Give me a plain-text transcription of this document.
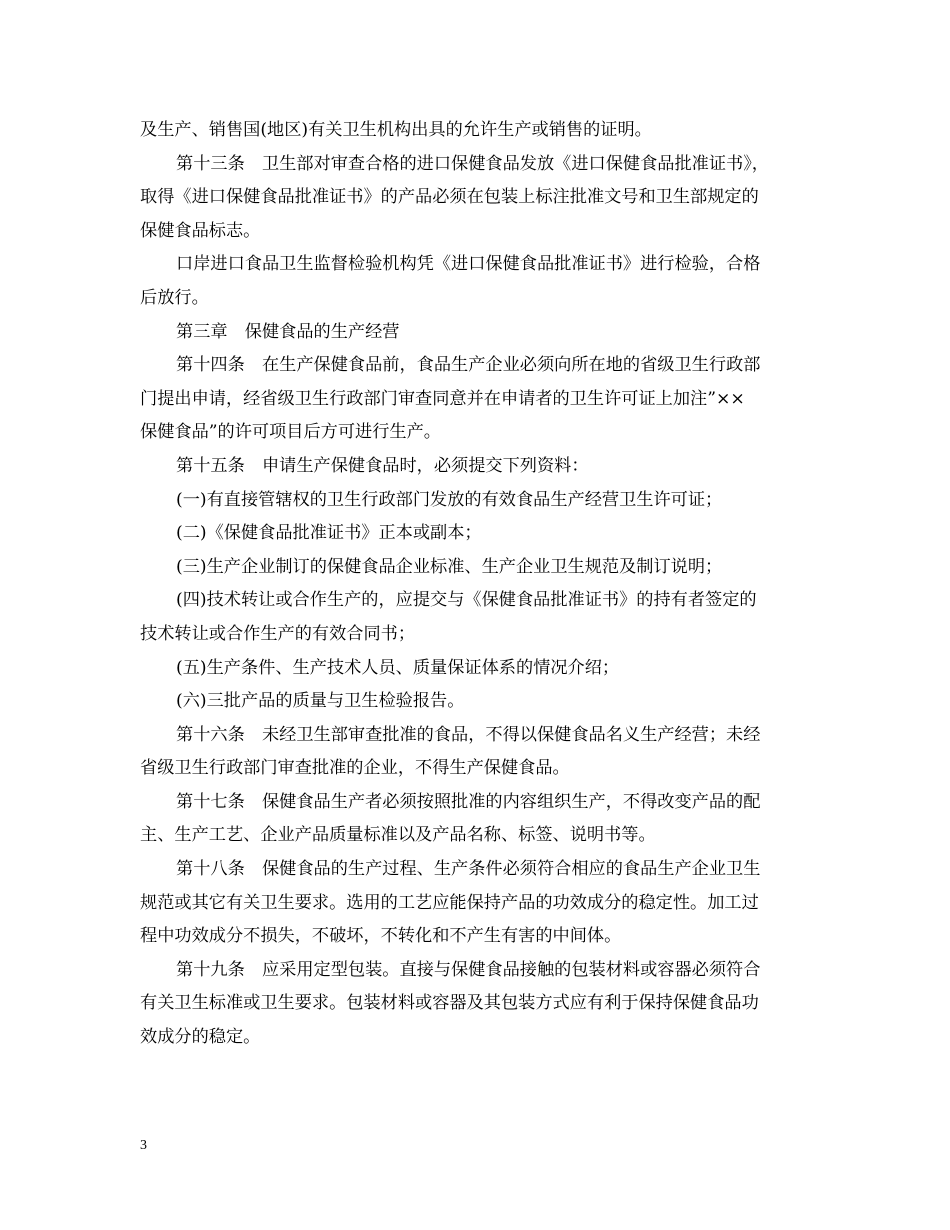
及生产、销售国(地区)有关卫生机构出具的允许生产或销售的证明。
第十三条　卫生部对审查合格的进口保健食品发放《进口保健食品批准证书》，
取得《进口保健食品批准证书》的产品必须在包装上标注批准文号和卫生部规定的
保健食品标志。
口岸进口食品卫生监督检验机构凭《进口保健食品批准证书》进行检验，合格
后放行。
第三章　保健食品的生产经营
第十四条　在生产保健食品前，食品生产企业必须向所在地的省级卫生行政部
门提出申请，经省级卫生行政部门审查同意并在申请者的卫生许可证上加注”××
保健食品”的许可项目后方可进行生产。
第十五条　申请生产保健食品时，必须提交下列资料：
(一)有直接管辖权的卫生行政部门发放的有效食品生产经营卫生许可证；
(二)《保健食品批准证书》正本或副本；
(三)生产企业制订的保健食品企业标准、生产企业卫生规范及制订说明；
(四)技术转让或合作生产的，应提交与《保健食品批准证书》的持有者签定的
技术转让或合作生产的有效合同书；
(五)生产条件、生产技术人员、质量保证体系的情况介绍；
(六)三批产品的质量与卫生检验报告。
第十六条　未经卫生部审查批准的食品，不得以保健食品名义生产经营；未经
省级卫生行政部门审查批准的企业，不得生产保健食品。
第十七条　保健食品生产者必须按照批准的内容组织生产，不得改变产品的配
主、生产工艺、企业产品质量标准以及产品名称、标签、说明书等。
第十八条　保健食品的生产过程、生产条件必须符合相应的食品生产企业卫生
规范或其它有关卫生要求。选用的工艺应能保持产品的功效成分的稳定性。加工过
程中功效成分不损失，不破坏，不转化和不产生有害的中间体。
第十九条　应采用定型包装。直接与保健食品接触的包装材料或容器必须符合
有关卫生标准或卫生要求。包装材料或容器及其包装方式应有利于保持保健食品功
效成分的稳定。
3
